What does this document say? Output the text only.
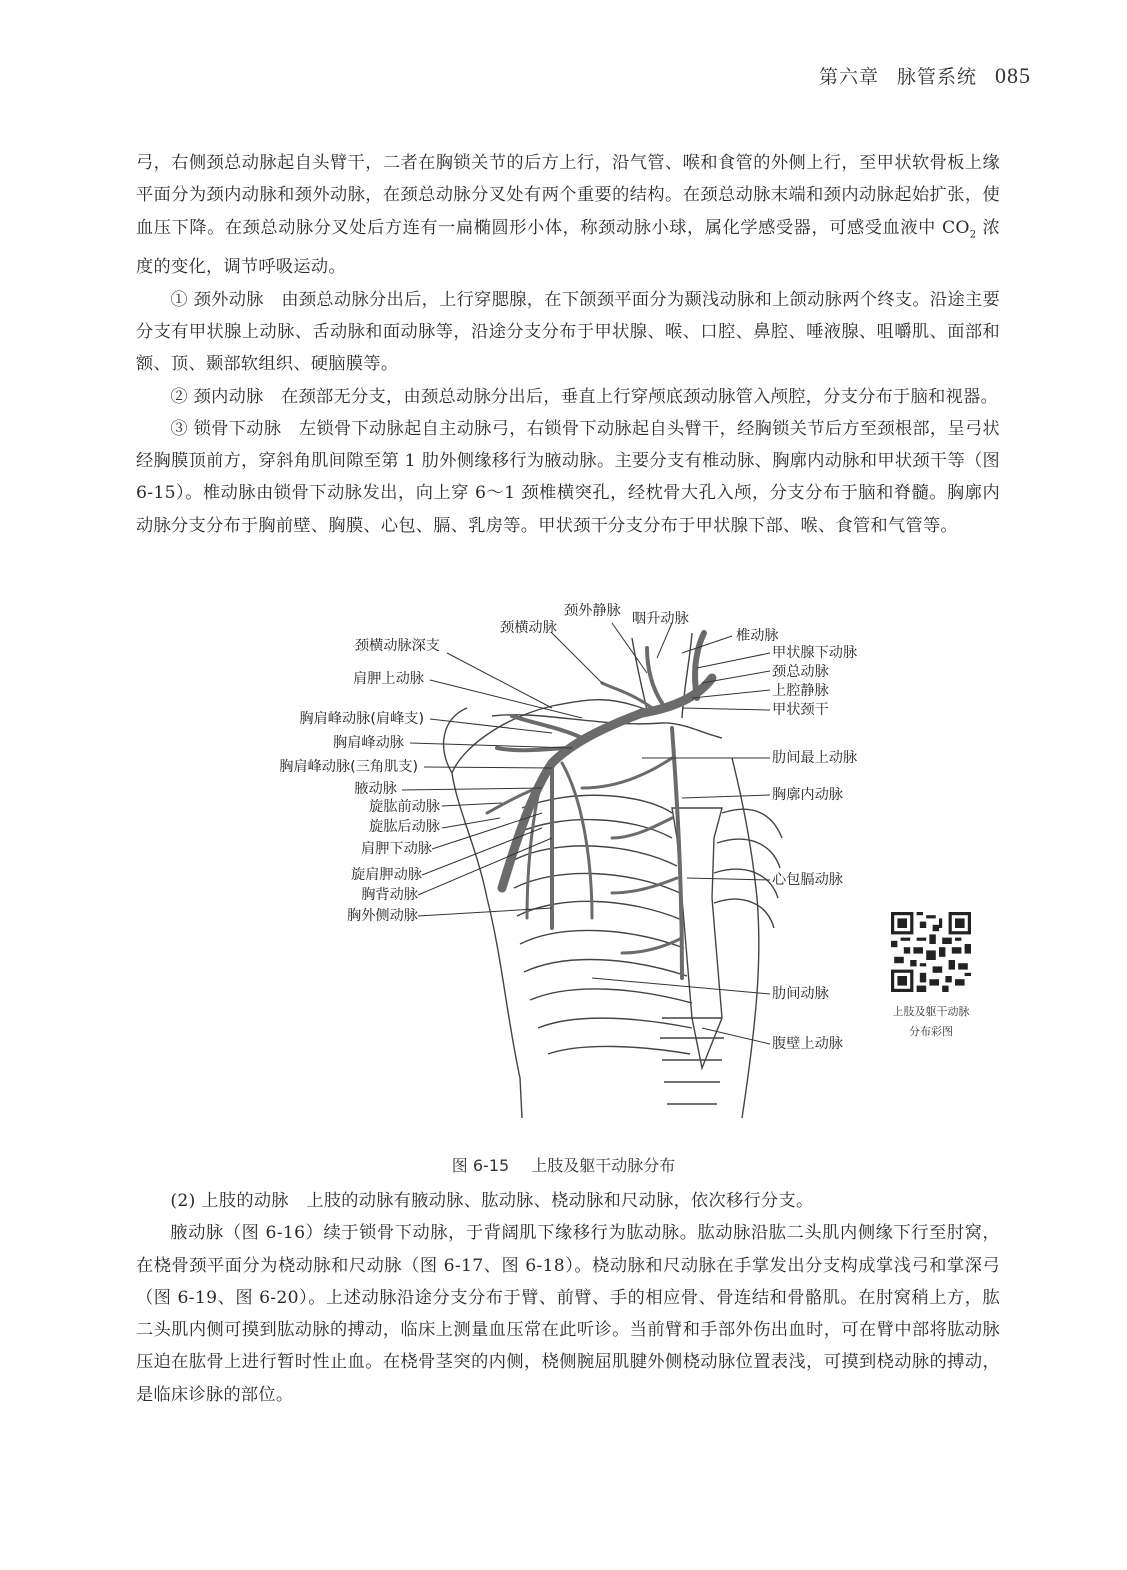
第六章 脉管系统 085

弓，右侧颈总动脉起自头臂干，二者在胸锁关节的后方上行，沿气管、喉和食管的外侧上行，至甲状软骨板上缘平面分为颈内动脉和颈外动脉，在颈总动脉分叉处有两个重要的结构。在颈总动脉末端和颈内动脉起始扩张，使血压下降。在颈总动脉分叉处后方连有一扁椭圆形小体，称颈动脉小球，属化学感受器，可感受血液中 $CO_2$ 浓度的变化，调节呼吸运动。

① 颈外动脉　由颈总动脉分出后，上行穿腮腺，在下颌颈平面分为颞浅动脉和上颌动脉两个终支。沿途主要分支有甲状腺上动脉、舌动脉和面动脉等，沿途分支分布于甲状腺、喉、口腔、鼻腔、唾液腺、咀嚼肌、面部和额、顶、颞部软组织、硬脑膜等。

② 颈内动脉　在颈部无分支，由颈总动脉分出后，垂直上行穿颅底颈动脉管入颅腔，分支分布于脑和视器。

③ 锁骨下动脉　左锁骨下动脉起自主动脉弓，右锁骨下动脉起自头臂干，经胸锁关节后方至颈根部，呈弓状经胸膜顶前方，穿斜角肌间隙至第 1 肋外侧缘移行为腋动脉。主要分支有椎动脉、胸廓内动脉和甲状颈干等（图 6-15）。椎动脉由锁骨下动脉发出，向上穿 6～1 颈椎横突孔，经枕骨大孔入颅，分支分布于脑和脊髓。胸廓内动脉分支分布于胸前壁、胸膜、心包、膈、乳房等。甲状颈干分支分布于甲状腺下部、喉、食管和气管等。

颈横动脉深支
肩胛上动脉
胸肩峰动脉(肩峰支)
胸肩峰动脉
胸肩峰动脉(三角肌支)
腋动脉
旋肱前动脉
旋肱后动脉
肩胛下动脉
旋肩胛动脉
胸背动脉
胸外侧动脉
颈外静脉
颈横动脉
咽升动脉
椎动脉
甲状腺下动脉
颈总动脉
上腔静脉
甲状颈干
肋间最上动脉
胸廓内动脉
心包膈动脉
肋间动脉
腹壁上动脉
上肢及躯干动脉
分布彩图
图 6-15 上肢及躯干动脉分布

(2) 上肢的动脉　上肢的动脉有腋动脉、肱动脉、桡动脉和尺动脉，依次移行分支。

腋动脉（图 6-16）续于锁骨下动脉，于背阔肌下缘移行为肱动脉。肱动脉沿肱二头肌内侧缘下行至肘窝，在桡骨颈平面分为桡动脉和尺动脉（图 6-17、图 6-18）。桡动脉和尺动脉在手掌发出分支构成掌浅弓和掌深弓（图 6-19、图 6-20）。上述动脉沿途分支分布于臂、前臂、手的相应骨、骨连结和骨骼肌。在肘窝稍上方，肱二头肌内侧可摸到肱动脉的搏动，临床上测量血压常在此听诊。当前臂和手部外伤出血时，可在臂中部将肱动脉压迫在肱骨上进行暂时性止血。在桡骨茎突的内侧，桡侧腕屈肌腱外侧桡动脉位置表浅，可摸到桡动脉的搏动，是临床诊脉的部位。
